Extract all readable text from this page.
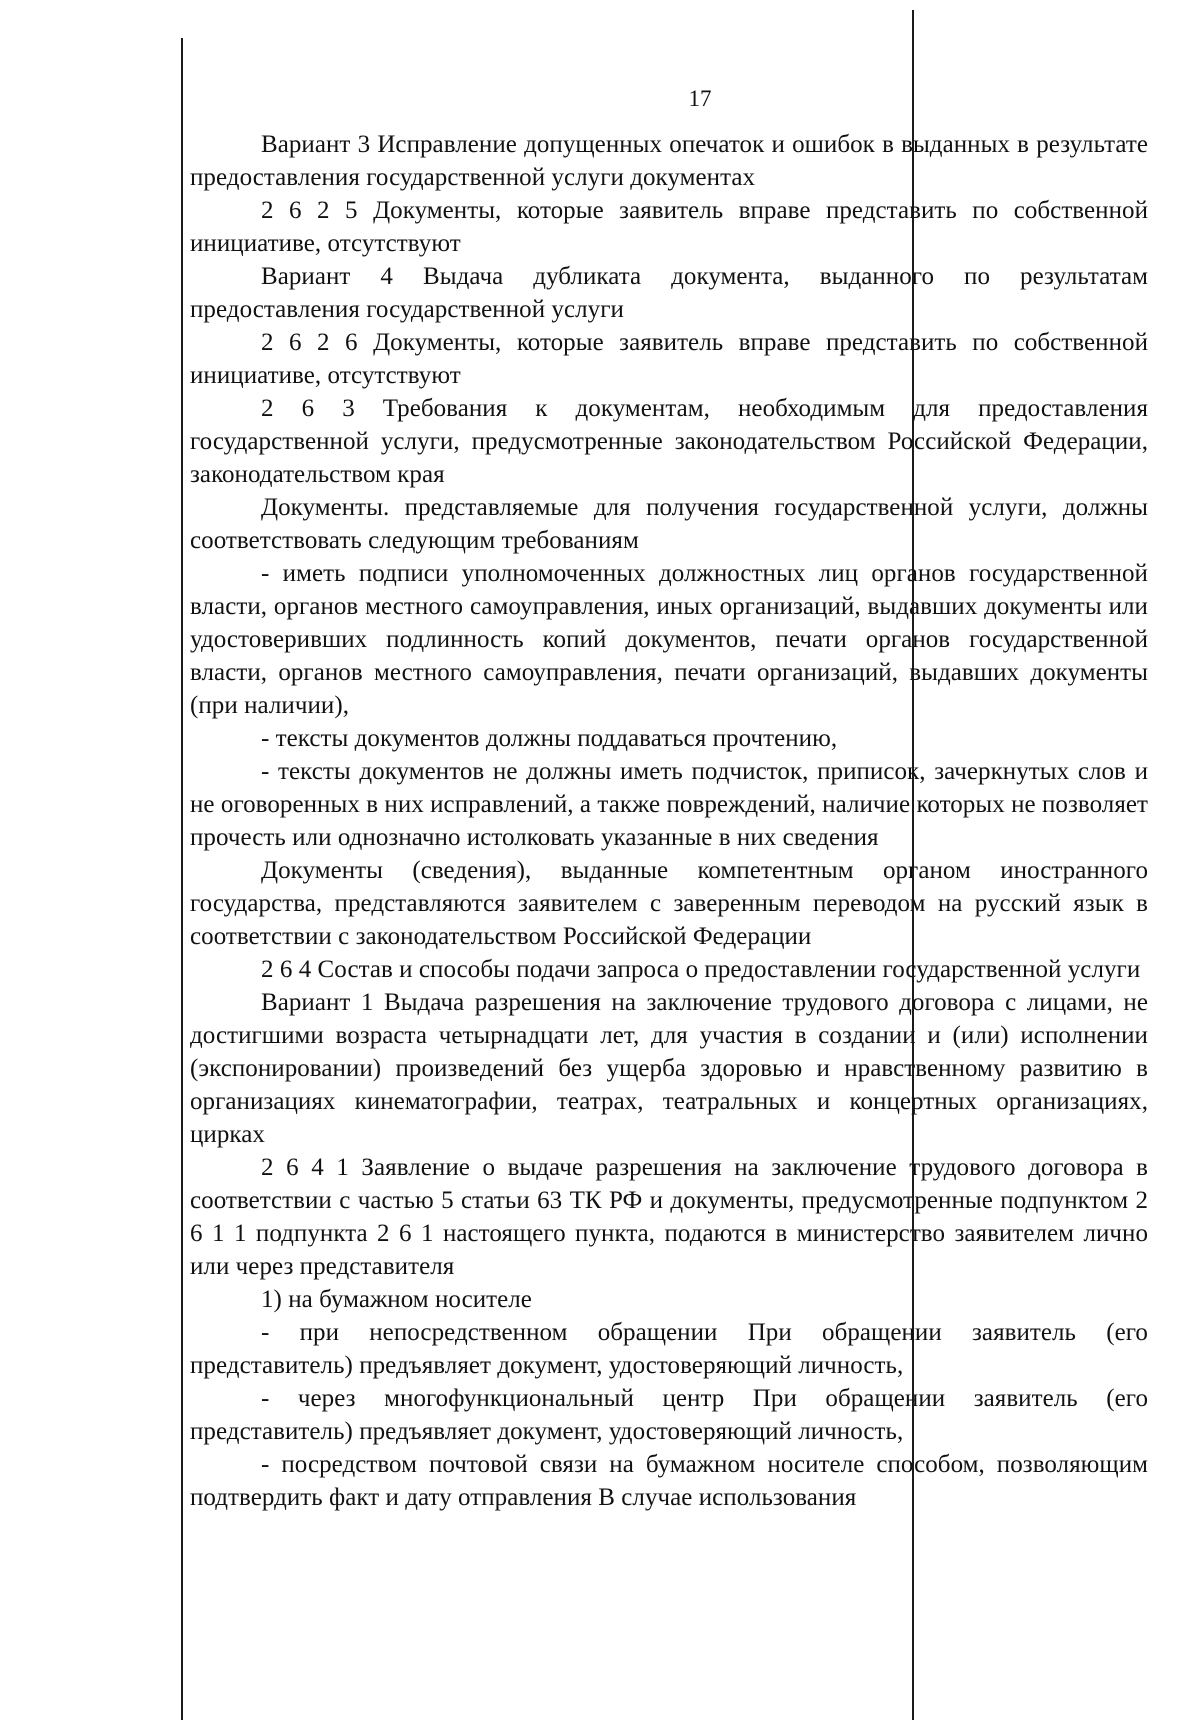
17

Вариант 3 Исправление допущенных опечаток и ошибок в выданных в результате предоставления государственной услуги документах

2 6 2 5 Документы, которые заявитель вправе представить по собственной инициативе, отсутствуют

Вариант 4 Выдача дубликата документа, выданного по результатам предоставления государственной услуги

2 6 2 6 Документы, которые заявитель вправе представить по собственной инициативе, отсутствуют

2 6 3 Требования к документам, необходимым для предоставления государственной услуги, предусмотренные законодательством Российской Федерации, законодательством края

Документы. представляемые для получения государственной услуги, должны соответствовать следующим требованиям

- иметь подписи уполномоченных должностных лиц органов государственной власти, органов местного самоуправления, иных организаций, выдавших документы или удостоверивших подлинность копий документов, печати органов государственной власти, органов местного самоуправления, печати организаций, выдавших документы (при наличии),

- тексты документов должны поддаваться прочтению,

- тексты документов не должны иметь подчисток, приписок, зачеркнутых слов и не оговоренных в них исправлений, а также повреждений, наличие которых не позволяет прочесть или однозначно истолковать указанные в них сведения

Документы (сведения), выданные компетентным органом иностранного государства, представляются заявителем с заверенным переводом на русский язык в соответствии с законодательством Российской Федерации

2 6 4 Состав и способы подачи запроса о предоставлении государственной услуги

Вариант 1 Выдача разрешения на заключение трудового договора с лицами, не достигшими возраста четырнадцати лет, для участия в создании и (или) исполнении (экспонировании) произведений без ущерба здоровью и нравственному развитию в организациях кинематографии, театрах, театральных и концертных организациях, цирках

2 6 4 1 Заявление о выдаче разрешения на заключение трудового договора в соответствии с частью 5 статьи 63 ТК РФ и документы, предусмотренные подпунктом 2 6 1 1 подпункта 2 6 1 настоящего пункта, подаются в министерство заявителем лично или через представителя

1) на бумажном носителе

- при непосредственном обращении При обращении заявитель (его представитель) предъявляет документ, удостоверяющий личность,

- через многофункциональный центр При обращении заявитель (его представитель) предъявляет документ, удостоверяющий личность,

- посредством почтовой связи на бумажном носителе способом, позволяющим подтвердить факт и дату отправления В случае использования
